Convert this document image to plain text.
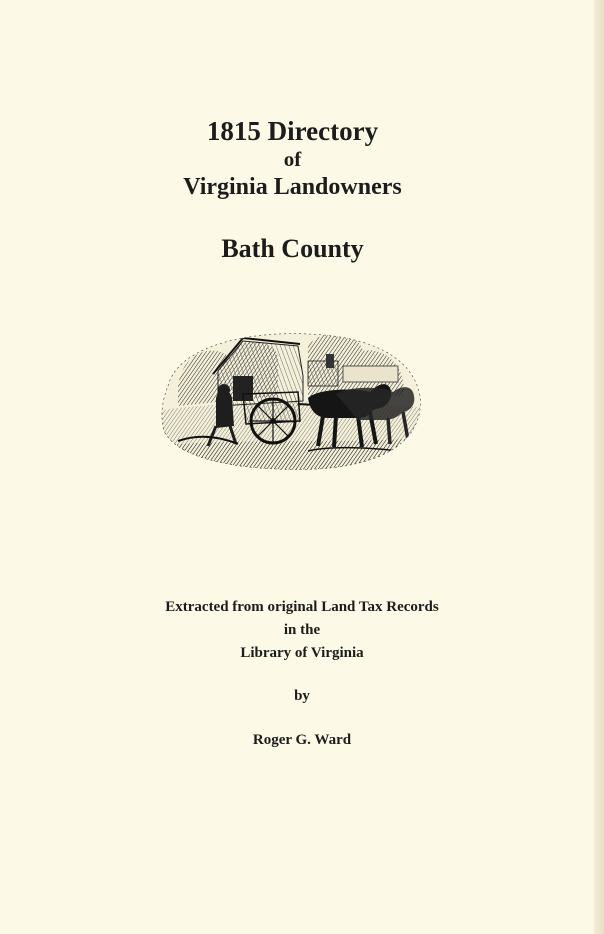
1815 Directory
of
Virginia Landowners
Bath County
Extracted from original Land Tax Records
in the
Library of Virginia
by
Roger G. Ward
